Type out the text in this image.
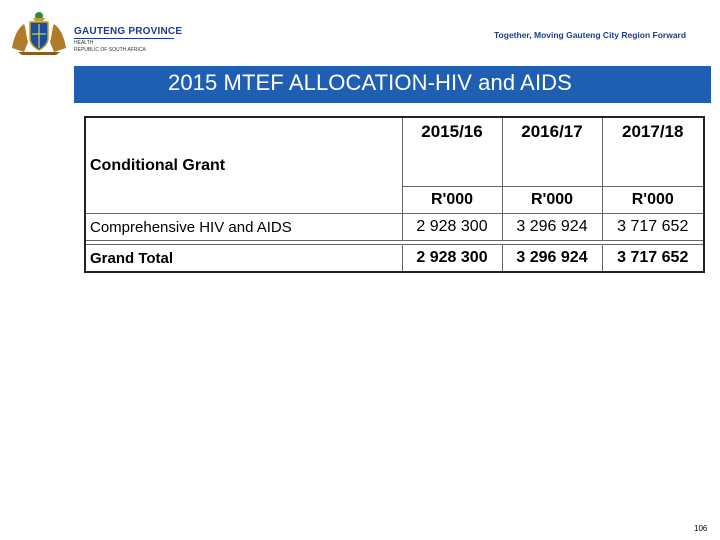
GAUTENG PROVINCE
HEALTH
REPUBLIC OF SOUTH AFRICA
Together, Moving Gauteng City Region Forward
2015 MTEF ALLOCATION-HIV and AIDS
Conditional Grant	2015/16	2016/17	2017/18
	R'000	R'000	R'000
Comprehensive HIV and AIDS	2 928 300	3 296 924	3 717 652

Grand Total	2 928 300	3 296 924	3 717 652
106
